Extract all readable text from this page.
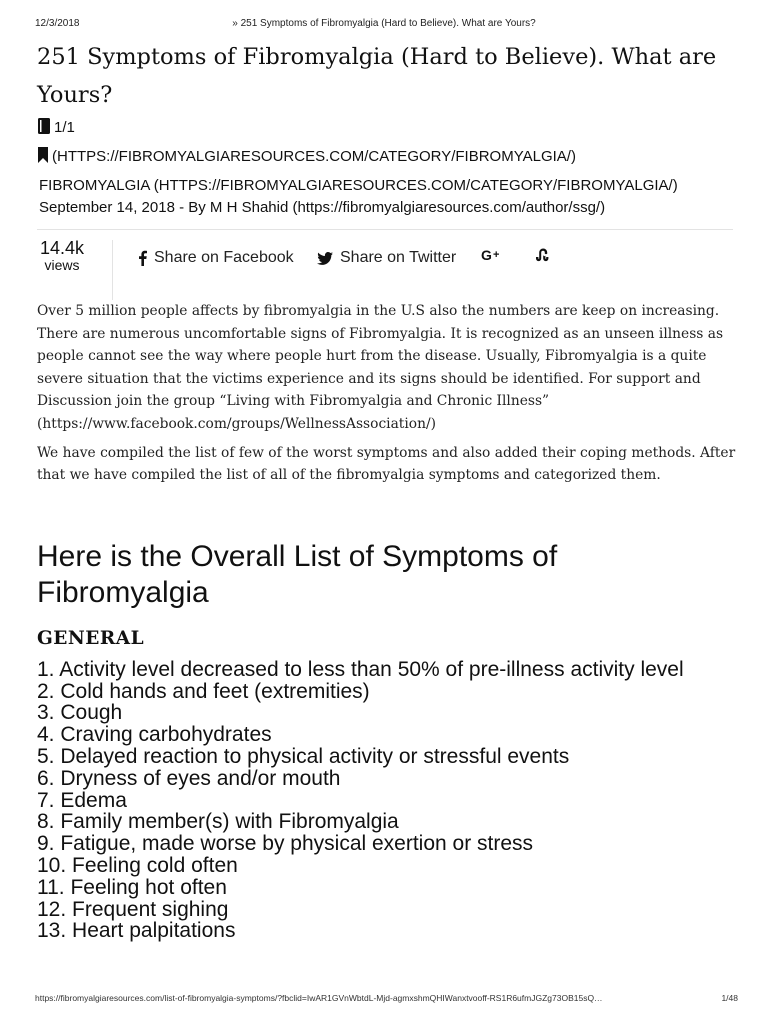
12/3/2018	» 251 Symptoms of Fibromyalgia (Hard to Believe). What are Yours?
251 Symptoms of Fibromyalgia (Hard to Believe). What are Yours?
1/1
(HTTPS://FIBROMYALGIARESOURCES.COM/CATEGORY/FIBROMYALGIA/)
FIBROMYALGIA (HTTPS://FIBROMYALGIARESOURCES.COM/CATEGORY/FIBROMYALGIA/)
September 14, 2018 - By M H Shahid (https://fibromyalgiaresources.com/author/ssg/)
14.4k
views	Share on Facebook	Share on Twitter G +

Over 5 million people affects by fibromyalgia in the U.S also the numbers are keep on increasing. There are numerous uncomfortable signs of Fibromyalgia. It is recognized as an unseen illness as people cannot see the way where people hurt from the disease. Usually, Fibromyalgia is a quite severe situation that the victims experience and its signs should be identified. For support and Discussion join the group “Living with Fibromyalgia and Chronic Illness” (https://www.facebook.com/groups/WellnessAssociation/)

We have compiled the list of few of the worst symptoms and also added their coping methods. After that we have compiled the list of all of the fibromyalgia symptoms and categorized them.

Here is the Overall List of Symptoms of Fibromyalgia
GENERAL
1. Activity level decreased to less than 50% of pre-illness activity level
2. Cold hands and feet (extremities)
3. Cough
4. Craving carbohydrates
5. Delayed reaction to physical activity or stressful events
6. Dryness of eyes and/or mouth
7. Edema
8. Family member(s) with Fibromyalgia
9. Fatigue, made worse by physical exertion or stress
10. Feeling cold often
11. Feeling hot often
12. Frequent sighing
13. Heart palpitations
https://fibromyalgiaresources.com/list-of-fibromyalgia-symptoms/?fbclid=IwAR1GVnWbtdL-Mjd-agmxshmQHIWanxtvooff-RS1R6ufmJGZg73OB15sQ…	1/48
